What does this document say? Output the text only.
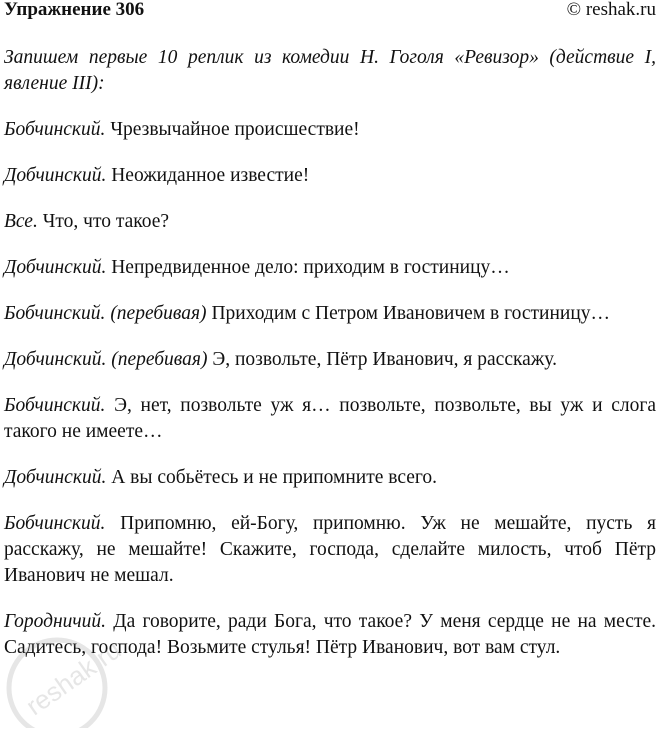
Упражнение 306	© reshak.ru
Запишем первые 10 реплик из комедии Н. Гоголя «Ревизор» (действие I, явление III):
Бобчинский. Чрезвычайное происшествие!
Добчинский. Неожиданное известие!
Все. Что, что такое?
Добчинский. Непредвиденное дело: приходим в гостиницу…
Бобчинский. (перебивая) Приходим с Петром Ивановичем в гостиницу…
Добчинский. (перебивая) Э, позвольте, Пётр Иванович, я расскажу.
Бобчинский. Э, нет, позвольте уж я… позвольте, позвольте, вы уж и слога такого не имеете…
Добчинский. А вы собьётесь и не припомните всего.
Бобчинский. Припомню, ей-Богу, припомню. Уж не мешайте, пусть я расскажу, не мешайте! Скажите, господа, сделайте милость, чтоб Пётр Иванович не мешал.
Городничий. Да говорите, ради Бога, что такое? У меня сердце не на месте. Садитесь, господа! Возьмите стулья! Пётр Иванович, вот вам стул.
reshak.ru
